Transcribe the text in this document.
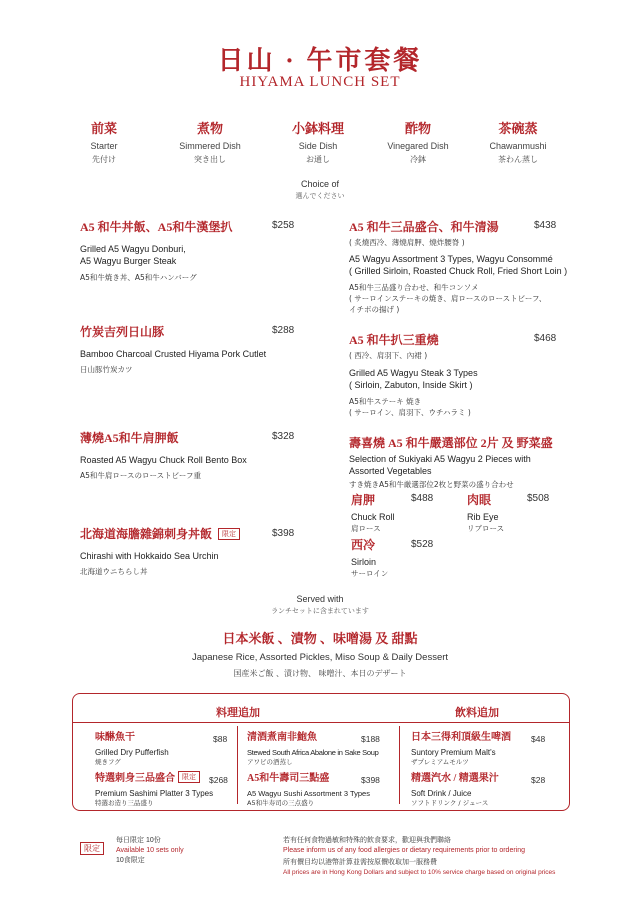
日山 · 午市套餐
HIYAMA LUNCH SET
前菜
Starter
先付け
煮物
Simmered Dish
突き出し
小鉢料理
Side Dish
お通し
酢物
Vinegared Dish
冷鉢
茶碗蒸
Chawanmushi
茶わん蒸し
Choice of
選んでください
A5 和牛丼飯、A5和牛漢堡扒
Grilled A5 Wagyu Donburi,
A5 Wagyu Burger Steak
A5和牛焼き丼、A5和牛ハンバーグ
$258
竹炭吉列日山豚
Bamboo Charcoal Crusted Hiyama Pork Cutlet
日山豚竹炭カツ
$288
薄燒A5和牛肩胛飯
Roasted A5 Wagyu Chuck Roll Bento Box
A5和牛肩ロースのローストビーフ重
$328
北海道海膽雜錦刺身丼飯 限定
Chirashi with Hokkaido Sea Urchin
北海道ウニちらし丼
$398
A5 和牛三品盛合、和牛清湯
( 炙燒西冷、薄燒肩胛、燒炸腰脊 )
A5 Wagyu Assortment 3 Types, Wagyu Consommé
( Grilled Sirloin, Roasted Chuck Roll, Fried Short Loin )
A5和牛三品盛り合わせ、和牛コンソメ
( サーロインステーキの焼き、肩ロースのローストビーフ、
イチボの揚げ )
$438
A5 和牛扒三重燒
( 西冷、肩羽下、內裙 )
Grilled A5 Wagyu Steak 3 Types
( Sirloin, Zabuton, Inside Skirt )
A5和牛ステーキ 焼き
( サーロイン、肩羽下、ウチハラミ )
$468
壽喜燒 A5 和牛嚴選部位 2片 及 野菜盛
Selection of Sukiyaki A5 Wagyu 2 Pieces with
Assorted Vegetables
すき焼きA5和牛厳選部位2枚と野菜の盛り合わせ
肩胛
Chuck Roll
肩ロース
$488	肉眼
Rib Eye
リブロース
$508
西冷
Sirloin
サーロイン
$528
Served with
ランチセットに含まれています
日本米飯 、漬物 、味噌湯 及 甜點
Japanese Rice, Assorted Pickles, Miso Soup & Daily Dessert
国産米ご飯 、漬け物、 味噌汁、本日のデザート
料理追加	飲料追加
味醂魚干
Grilled Dry Pufferfish
焼きフグ
$88 清酒煮南非鮑魚
Stewed South Africa Abalone in Sake Soup
アワビの酒蒸し
$188
特選刺身三品盛合 限定
Premium Sashimi Platter 3 Types
特選お造り三品盛り
$268 A5和牛壽司三點盛
A5 Wagyu Sushi Assortment 3 Types
A5和牛寿司の三点盛り
$398
日本三得利頂級生啤酒
Suntory Premium Malt's
ザプレミアムモルツ
$48
精選汽水 / 精選果汁
Soft Drink / Juice
ソフトドリンク / ジュース
$28
限定
每日限定 10份
Available 10 sets only
10食限定
若有任何食物過敏和特殊的飲食要求，歡迎與我們聯絡
Please inform us of any food allergies or dietary requirements prior to ordering
所有價目均以港幣計算並需按原價收取加一服務費
All prices are in Hong Kong Dollars and subject to 10% service charge based on original prices
